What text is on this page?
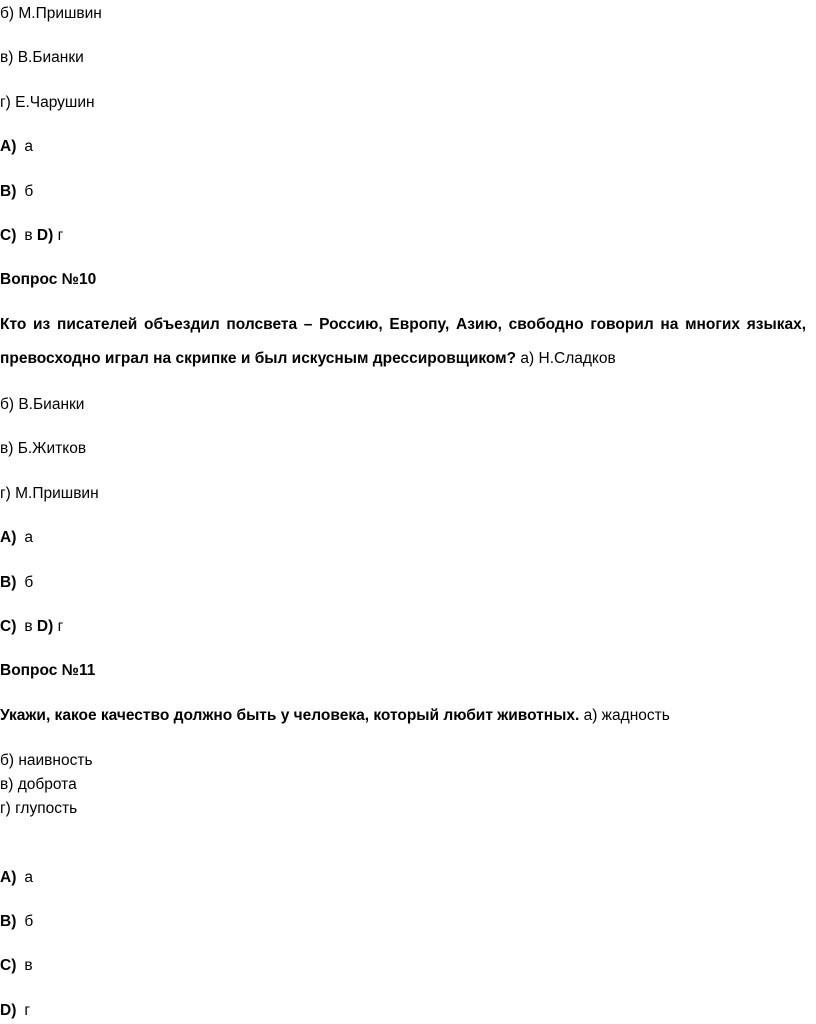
б) М.Пришвин
в) В.Бианки
г) Е.Чарушин
A) а
B) б
C) в D) г
Вопрос №10
Кто из писателей объездил полсвета – Россию, Европу, Азию, свободно говорил на многих языках,
превосходно играл на скрипке и был искусным дрессировщиком? а) Н.Сладков
б) В.Бианки
в) Б.Житков
г) М.Пришвин
A) а
B) б
C) в D) г
Вопрос №11
Укажи, какое качество должно быть у человека, который любит животных. а) жадность
б) наивность
в) доброта
г) глупость
A) а
B) б
C) в
D) г
